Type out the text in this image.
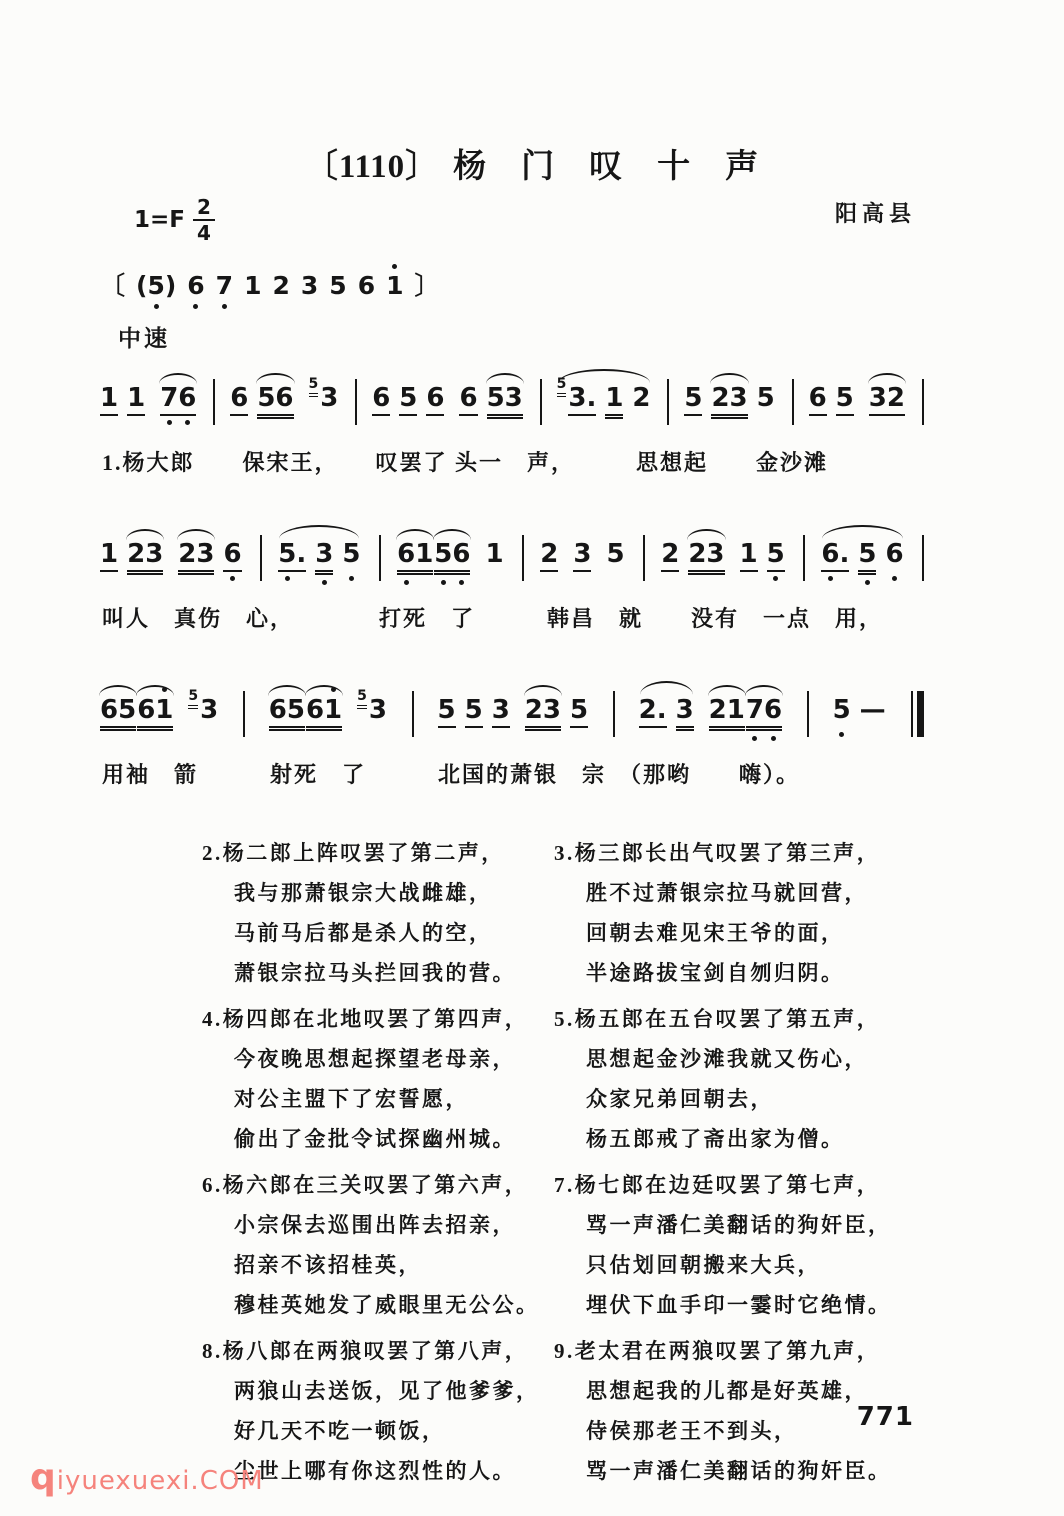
〔1110〕 杨　门　叹　十　声
$1=F \frac{2}{4}$	阳高县
〔 (5) 6 7 1 2 3 5 6 1 〕
中速
1 1 7
6 6 56 5 3 6 5 6 6 53 5 3. 1 2 5 23 5 6 5 32
1.杨大郎　　保宋王，　　叹罢了 头一　声，　　　思想起　　金沙滩
1 23 23 6 5
. 3 5 6
1 5
6 1 2 3 5 2 23 1 5 6
. 5 6
叫人　真伤　心，　　　　打死　了　　　韩昌　就　　没有　一点　用，
65 61 5 3 65 61 5 3 5 5 3 23 5 2. 3 21 7
6 5 —
用袖　箭　　　射死　了　　　北国的萧银　宗　（那哟　　嗨）。

2.杨二郎上阵叹罢了第二声，

我与那萧银宗大战雌雄，

马前马后都是杀人的空，

萧银宗拉马头拦回我的营。

3.杨三郎长出气叹罢了第三声，

胜不过萧银宗拉马就回营，

回朝去难见宋王爷的面，

半途路拔宝剑自刎归阴。

4.杨四郎在北地叹罢了第四声，

今夜晚思想起探望老母亲，

对公主盟下了宏誓愿，

偷出了金批令试探幽州城。

5.杨五郎在五台叹罢了第五声，

思想起金沙滩我就又伤心，

众家兄弟回朝去，

杨五郎戒了斋出家为僧。

6.杨六郎在三关叹罢了第六声，

小宗保去巡围出阵去招亲，

招亲不该招桂英，

穆桂英她发了威眼里无公公。

7.杨七郎在边廷叹罢了第七声，

骂一声潘仁美翻话的狗奸臣，

只估划回朝搬来大兵，

埋伏下血手印一霎时它绝情。

8.杨八郎在两狼叹罢了第八声，

两狼山去送饭，见了他爹爹，

好几天不吃一顿饭，

尘世上哪有你这烈性的人。

9.老太君在两狼叹罢了第九声，

思想起我的儿都是好英雄，

侍侯那老王不到头，

骂一声潘仁美翻话的狗奸臣。

771
qiyuexuexi.COM
